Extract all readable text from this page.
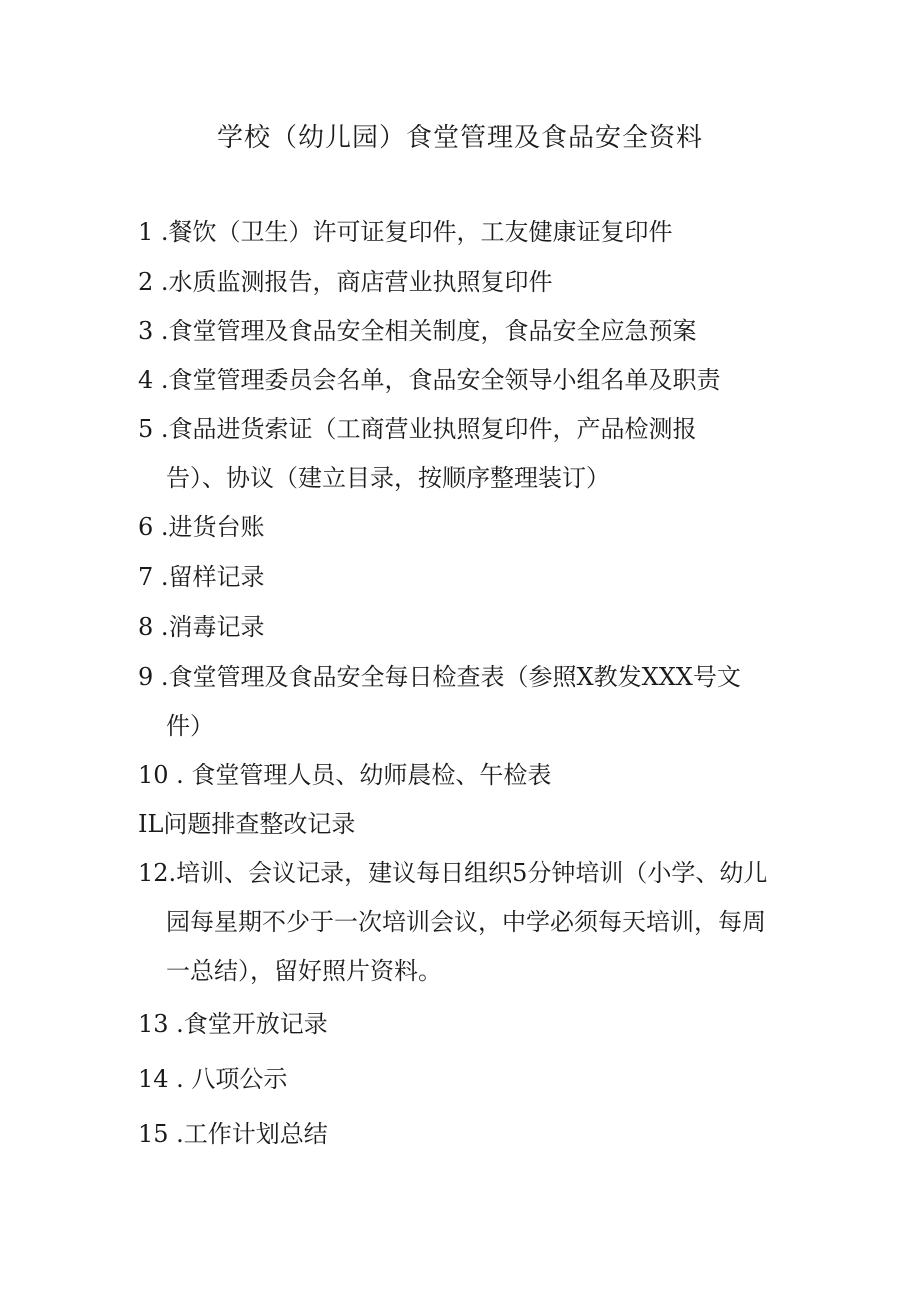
学校（幼儿园）食堂管理及食品安全资料
1 .餐饮（卫生）许可证复印件，工友健康证复印件
2 .水质监测报告，商店营业执照复印件
3 .食堂管理及食品安全相关制度，食品安全应急预案
4 .食堂管理委员会名单，食品安全领导小组名单及职责
5 .食品进货索证（工商营业执照复印件，产品检测报
告）、协议（建立目录，按顺序整理装订）
6 .进货台账
7 .留样记录
8 .消毒记录
9 .食堂管理及食品安全每日检查表（参照X教发XXX号文
件）
10 . 食堂管理人员、幼师晨检、午检表
IL问题排查整改记录
12.培训、会议记录，建议每日组织5分钟培训（小学、幼儿
园每星期不少于一次培训会议，中学必须每天培训，每周
一总结），留好照片资料。
13 .食堂开放记录
14 . 八项公示
15 .工作计划总结
